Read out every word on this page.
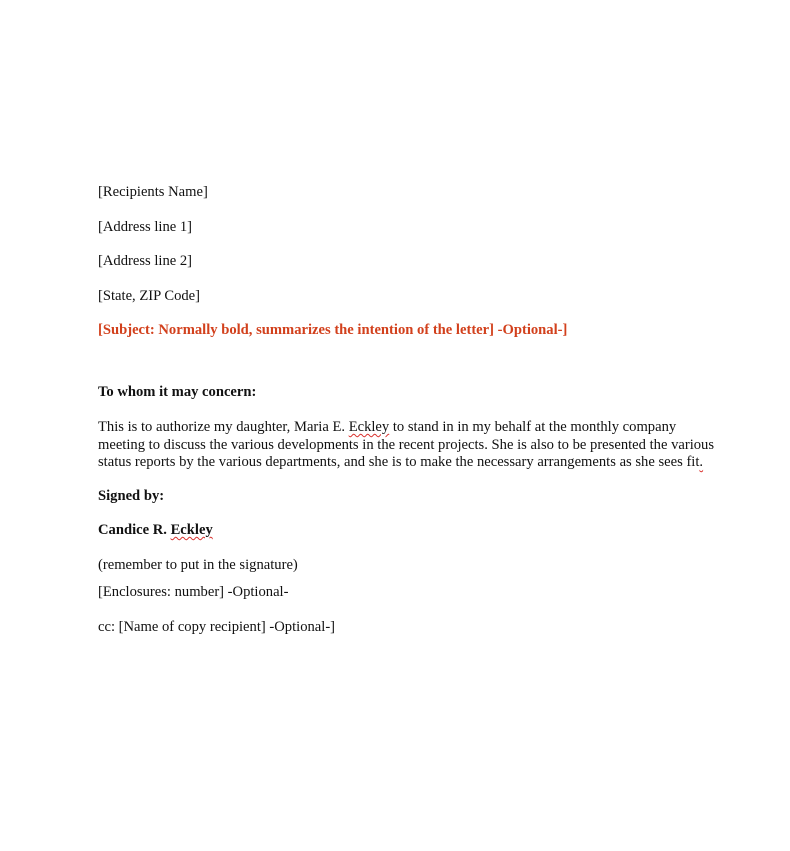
[Recipients Name]
[Address line 1]
[Address line 2]
[State, ZIP Code]
[Subject: Normally bold, summarizes the intention of the letter] -Optional-]
To whom it may concern:
This is to authorize my daughter, Maria E. Eckley to stand in in my behalf at the monthly company
meeting to discuss the various developments in the recent projects. She is also to be presented the various
status reports by the various departments, and she is to make the necessary arrangements as she sees fit.
Signed by:
Candice R. Eckley
(remember to put in the signature)
[Enclosures: number] -Optional-
cc: [Name of copy recipient] -Optional-]
